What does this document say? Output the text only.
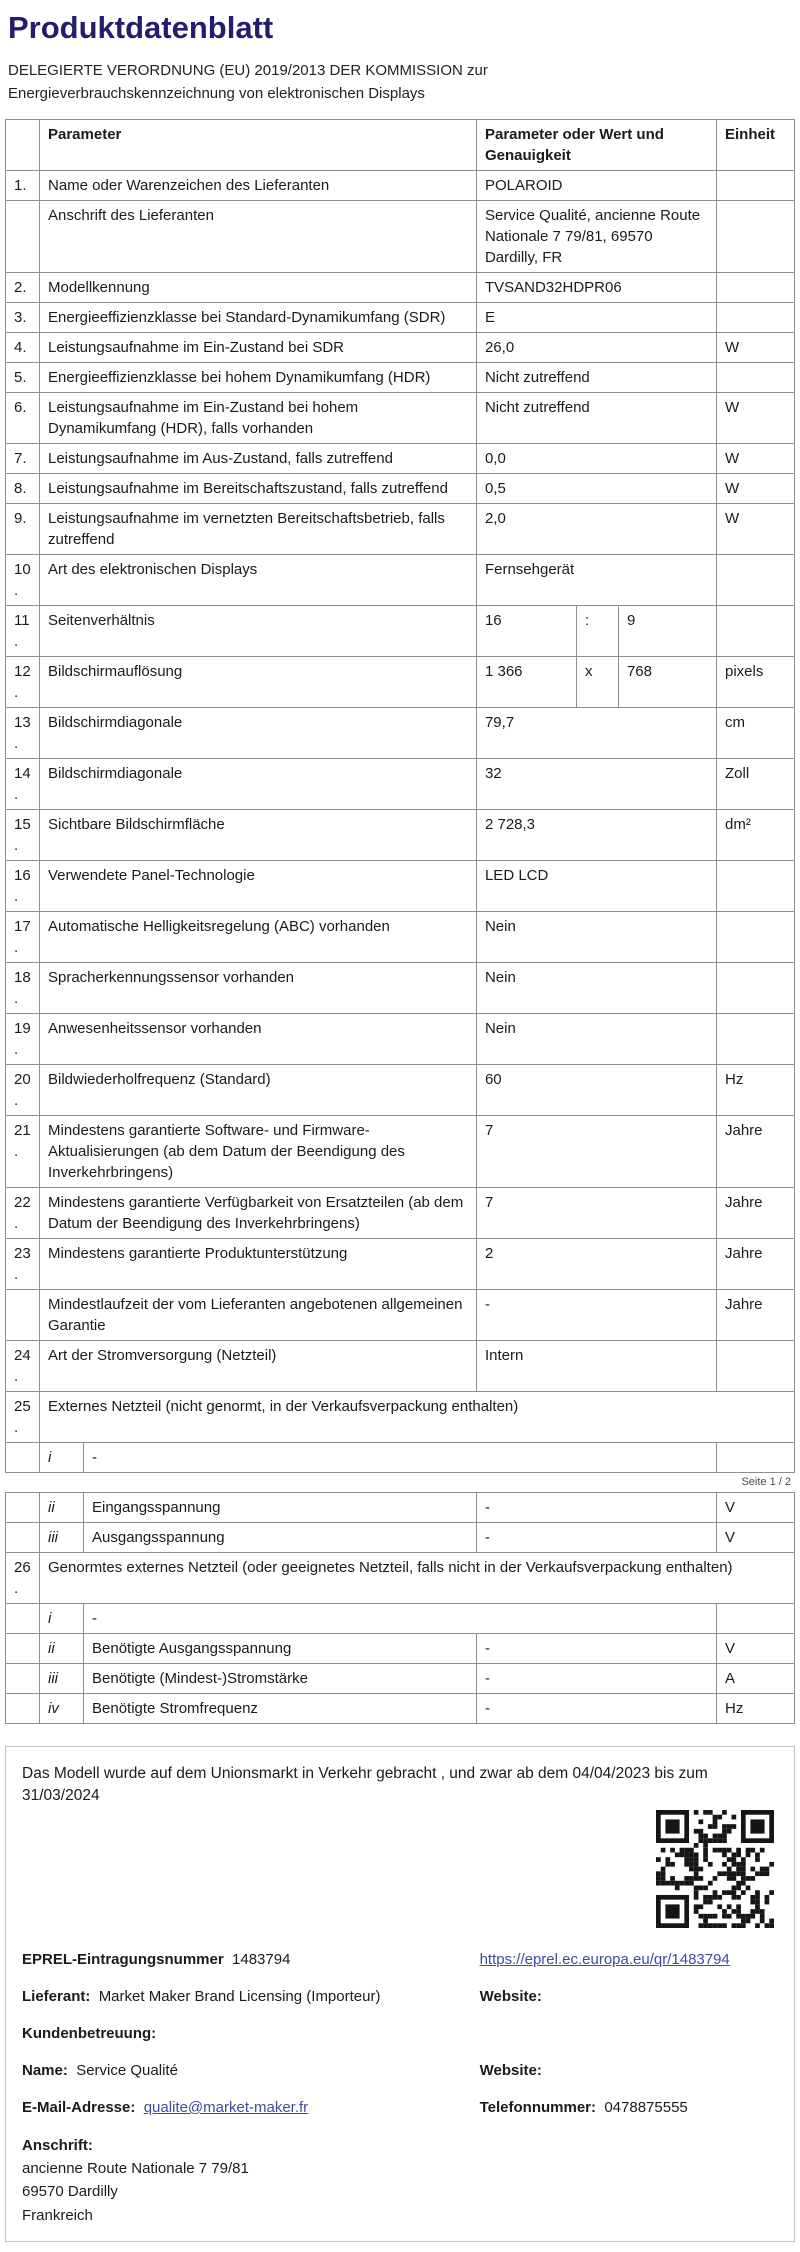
Produktdatenblatt

DELEGIERTE VERORDNUNG (EU) 2019/2013 DER KOMMISSION zur Energieverbrauchskennzeichnung von elektronischen Displays

	Parameter		Parameter oder Wert und Genauigkeit			Einheit
1.	Name oder Warenzeichen des Lieferanten		POLAROID			
	Anschrift des Lieferanten		Service Qualité, ancienne Route Nationale 7 79/81, 69570 Dardilly, FR			
2.	Modellkennung		TVSAND32HDPR06			
3.	Energieeffizienzklasse bei Standard-Dynamikumfang (SDR)		E			
4.	Leistungsaufnahme im Ein-Zustand bei SDR		26,0			W
5.	Energieeffizienzklasse bei hohem Dynamikumfang (HDR)		Nicht zutreffend			
6.	Leistungsaufnahme im Ein-Zustand bei hohem Dynamikumfang (HDR), falls vorhanden		Nicht zutreffend			W
7.	Leistungsaufnahme im Aus-Zustand, falls zutreffend		0,0			W
8.	Leistungsaufnahme im Bereitschaftszustand, falls zutreffend		0,5			W
9.	Leistungsaufnahme im vernetzten Bereitschaftsbetrieb, falls zutreffend		2,0			W
10.	Art des elektronischen Displays		Fernsehgerät			
11.	Seitenverhältnis		16	:	9	
12.	Bildschirmauflösung		1 366	x	768	pixels
13.	Bildschirmdiagonale		79,7			cm
14.	Bildschirmdiagonale		32			Zoll
15.	Sichtbare Bildschirmfläche		2 728,3			dm²
16.	Verwendete Panel-Technologie		LED LCD			
17.	Automatische Helligkeitsregelung (ABC) vorhanden		Nein			
18.	Spracherkennungssensor vorhanden		Nein			
19.	Anwesenheitssensor vorhanden		Nein			
20.	Bildwiederholfrequenz (Standard)		60			Hz
21.	Mindestens garantierte Software- und Firmware-Aktualisierungen (ab dem Datum der Beendigung des Inverkehrbringens)		7			Jahre
22.	Mindestens garantierte Verfügbarkeit von Ersatzteilen (ab dem Datum der Beendigung des Inverkehrbringens)		7			Jahre
23.	Mindestens garantierte Produktunterstützung		2			Jahre
	Mindestlaufzeit der vom Lieferanten angebotenen allgemeinen Garantie		-			Jahre
24.	Art der Stromversorgung (Netzteil)		Intern			
25.	Externes Netzteil (nicht genormt, in der Verkaufsverpackung enthalten)					
	i	-				
Seite 1 / 2
	ii	Eingangsspannung	-	V
	iii	Ausgangsspannung	-	V
26.	Genormtes externes Netzteil (oder geeignetes Netzteil, falls nicht in der Verkaufsverpackung enthalten)			
	i	-		
	ii	Benötigte Ausgangsspannung	-	V
	iii	Benötigte (Mindest-)Stromstärke	-	A
	iv	Benötigte Stromfrequenz	-	Hz

Das Modell wurde auf dem Unionsmarkt in Verkehr gebracht , und zwar ab dem 04/04/2023 bis zum 31/03/2024

EPREL-Eintragungsnummer 1483794	https://eprel.ec.europa.eu/qr/1483794
Lieferant: Market Maker Brand Licensing (Importeur)	Website:
Kundenbetreuung:
Name: Service Qualité	Website:
E-Mail-Adresse: qualite@market-maker.fr	Telefonnummer: 0478875555
Anschrift:
ancienne Route Nationale 7 79/81
69570 Dardilly
Frankreich
